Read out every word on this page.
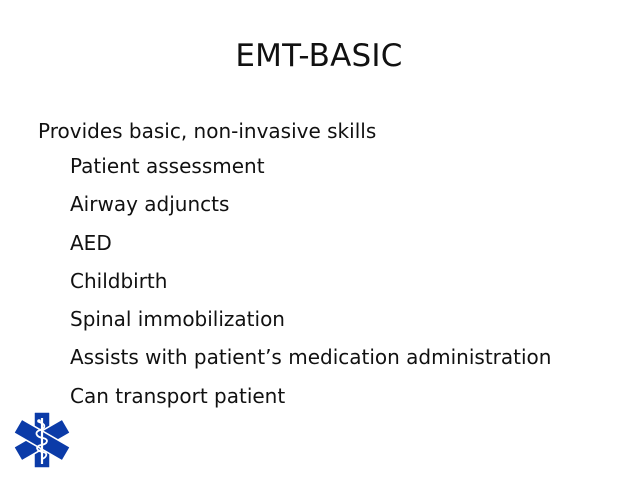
EMT-BASIC

Provides basic, non-invasive skills

Patient assessment
Airway adjuncts
AED
Childbirth
Spinal immobilization
Assists with patient’s medication administration
Can transport patient
